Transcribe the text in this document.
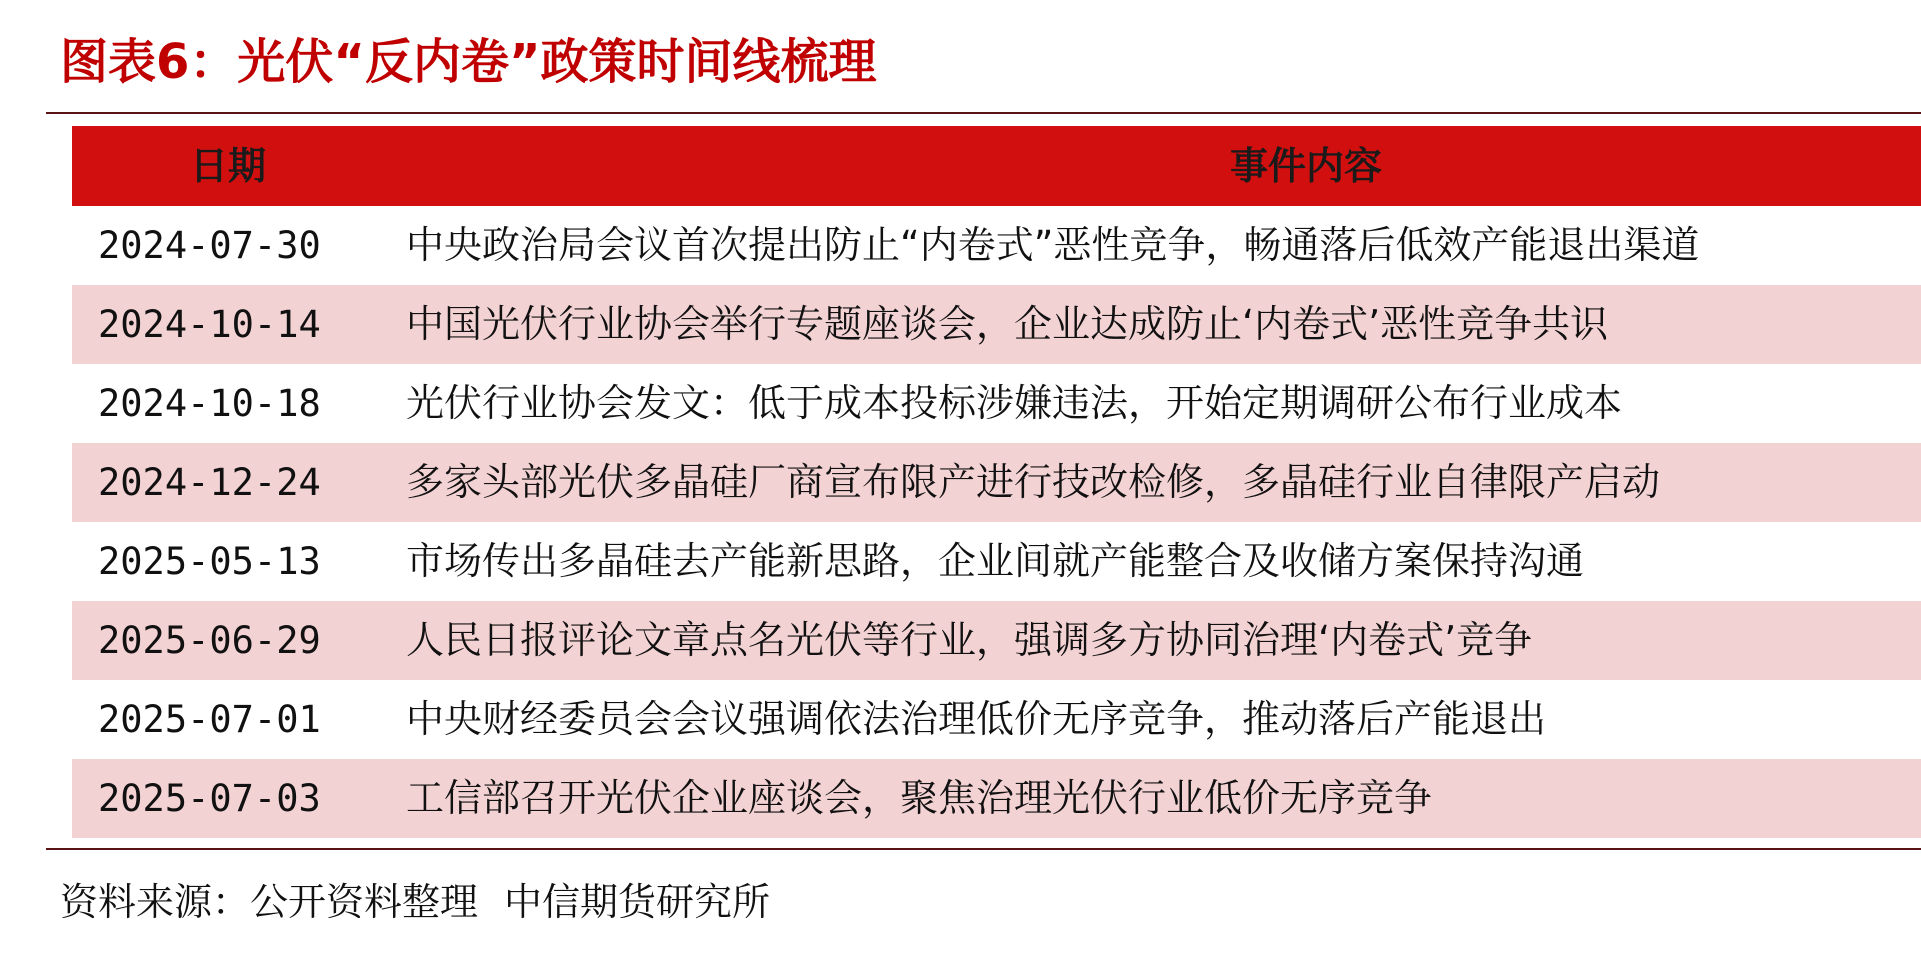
图表6：光伏“反内卷”政策时间线梳理
日期	事件内容
2024-07-30 中央政治局会议首次提出防止“内卷式”恶性竞争，畅通落后低效产能退出渠道
2024-10-14 中国光伏行业协会举行专题座谈会，企业达成防止‘内卷式’恶性竞争共识
2024-10-18 光伏行业协会发文：低于成本投标涉嫌违法，开始定期调研公布行业成本
2024-12-24 多家头部光伏多晶硅厂商宣布限产进行技改检修，多晶硅行业自律限产启动
2025-05-13 市场传出多晶硅去产能新思路，企业间就产能整合及收储方案保持沟通
2025-06-29 人民日报评论文章点名光伏等行业，强调多方协同治理‘内卷式’竞争
2025-07-01 中央财经委员会会议强调依法治理低价无序竞争，推动落后产能退出
2025-07-03 工信部召开光伏企业座谈会，聚焦治理光伏行业低价无序竞争
资料来源：公开资料整理 中信期货研究所
